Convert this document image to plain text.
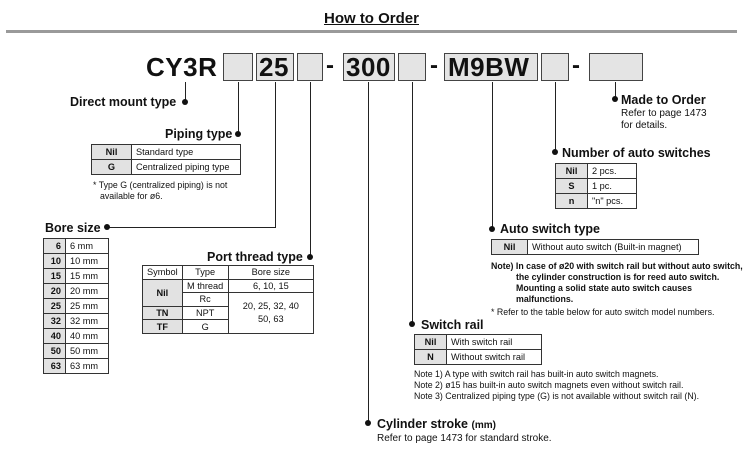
How to Order
CY3R 25 - 300 - M9BW -
Direct mount type
Piping type
Nil	Standard type
G	Centralized piping type
* Type G (centralized piping) is not
available for ø6.
Bore size
6	6 mm
10	10 mm
15	15 mm
20	20 mm
25	25 mm
32	32 mm
40	40 mm
50	50 mm
63	63 mm
Port thread type
Symbol	Type	Bore size
Nil	M thread	6, 10, 15
	Rc	20, 25, 32, 40
50, 63
TN	NPT	
TF	G	
Cylinder stroke (mm)
Refer to page 1473 for standard stroke.
Switch rail
Nil	With switch rail
N	Without switch rail
Note 1) A type with switch rail has built-in auto switch magnets.
Note 2) ø15 has built-in auto switch magnets even without switch rail.
Note 3) Centralized piping type (G) is not available without switch rail (N).
Auto switch type
Nil	Without auto switch (Built-in magnet)
Note) In case of ø20 with switch rail but without auto switch,
the cylinder construction is for reed auto switch.
Mounting a solid state auto switch causes
malfunctions.
* Refer to the table below for auto switch model numbers.
Number of auto switches
Nil	2 pcs.
S	1 pc.
n	"n" pcs.
Made to Order
Refer to page 1473
for details.
